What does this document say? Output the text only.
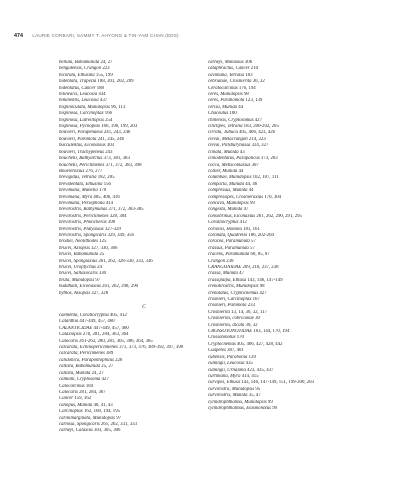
474 LAURIE CORBARI, SAMMY T. AHYONG & TIN-YAM CHAN (EDS)
bellula, Babamunida 24, 27
bengalensis, Crangon 223
bicoruta, Ethusina 155, 199
bidentata, Trapezia 188, 201, 202, 209
bidentatus, Cancer 188
bilinearis, Leucosia 434
biminentis, Leucosia 437
bispinoculata, Munidopsis 96, 113
bispinosa, Carcinoplax 166
bispinosa, Latreillopsis 254
bispinosa, Pycnoplax 166, 198, 199, 203
bouvieri, Parapenaeus 241, 243, 246
bouvieri, Paromola 241, 245, 246
bucculentus, Eiconaxius 303
bouvieri, Trachypeneus 243
bouchetii, Bathyarctus 373, 381, 383
bouchetii, Periclimenes 371, 372, 383, 398
Bouvieraxius 276, 277
brevigidus, Tetralia 182, 205
brevidentata, Ethusina 156
brevimana, Munella 170
brevimana, Myra 405, 406, 416
brevimana, Persephona 414
brevirostris, Bathymunas 371, 372, 383-385
brevirostris, Periclimenes 328, 384
brevirostris, Philocheras 398
brevirostris, Platyaxius 327-329
brevirostris, Spongicaris 329, 349, 356
brodiei, Neolithodes 125
brucei, Axiopsis 327, 330, 366
brucei, Babamunida 25
brucei, Spongiaxius 261, 262, 328-330, 333, 336
brucei, Uroptychus 24
brucei, Sallaxocaris 330
bruta, Munidopsis 97
buddhadi, Eiconaxius 261, 262, 298, 290
bythos, Axiopsis 327, 328
C
caementa, Corallocryptus 405, 412
Calanthia 447-449, 457, 460
CALANTICIDAE 447-449, 457, 460
Calaxiopsis 278, 281, 284, 363, 364
Calocaris 261-263, 280, 281, 305, 306, 364, 365
calcarata, Echinopericlimenes 371, 373, 376, 389-392, 397, 398
calcarata, Periclimenes 389
calidonica, Parapontophilus 226
callista, Babamunida 25, 27
callista, Munida 24, 27
calmani, Cryptosoma 427
Calocarcinus 184
Calocaris 281, 284, 367
Cancer 159, 162
canopus, Munida 40, 41, 43
Carcinoplax 162, 168, 194, 195
carinimarginata, Munidopsis 97
carnosa, Spongicaris 261, 262, 331, 333
carneyi, Calaxius 303, 305, 306
carneyi, Manaxius 306
cataphractus, Cancer 210
cavimana, Tetralia 183
cebrianae, Crosnierita 30, 32
Ceratocarcinus 176, 194
ceres, Munidopsis 98
ceres, Parahomola 123, 139
cerisa, Munida 44
Chaceulus 180
chinensis, Cryptosomus 427
cinctipes, Tetralia 183, 200-202, 205
cirrata, Tubuca 405, 406, 423, 426
clevai, Metacrangon 214, 223
clevai, Pillsburynassa 324, 327
clinata, Munida 43
clinodentatus, Parapalicus 173, 203
cocca, Metiscomaxius 307
collier, Munida 44
columbae, Munidopsis 102, 107, 111
compacta, Munida 44, 46
compressus, Munida 44
compressipes, Crosnieraxius 170, 304
concava, Munidopsis 99
congesta, Munida 47
consobrinus, Eiconaxius 261, 262, 290, 291, 295
Coralliocryptus 412
coriolisi, Homola 181, 161
coronata, Quadrella 186, 202-204
coracea, Paramunida 57
crassus, Paramunida 57
cracens, Paramunida 60, 85, 87
Crangon 238
CRANGONIDAE 209, 210, 237, 238
crassa, Munida 47
crassipalpa, Ethusa 143, 146, 147-149
crenatirostris, Munidopsis 98
crenulatus, Cryptocnemus 427
crosnieri, Carcinoplax 167
crosnieri, Paromola 233
Crosnierita 13, 14, 30, 32, 117
Crosnierita, cobricanae 30
Crosnierita, dicata 30, 32
CROSSOTONOTIDAE 163, 144, 170, 194
Crossotonotus 170
Cryptocnemus 405, 406, 427, 428, 442
Cuapetes 387, 401
cubensis, Parabonia 139
cumingii, Leucosia 435
cumingii, Urnalana 423, 435, 437
curtimana, Myra 414, 415
curvipes, Ethusa 143, 146, 147-149, 151, 199-200, 203
curvirostra, Munidopsis 95
curvirostris, Munida 35, 47
cylindrophthalma, Munidopsis 99
cylindrophthalmus, Elasmonotus 99
